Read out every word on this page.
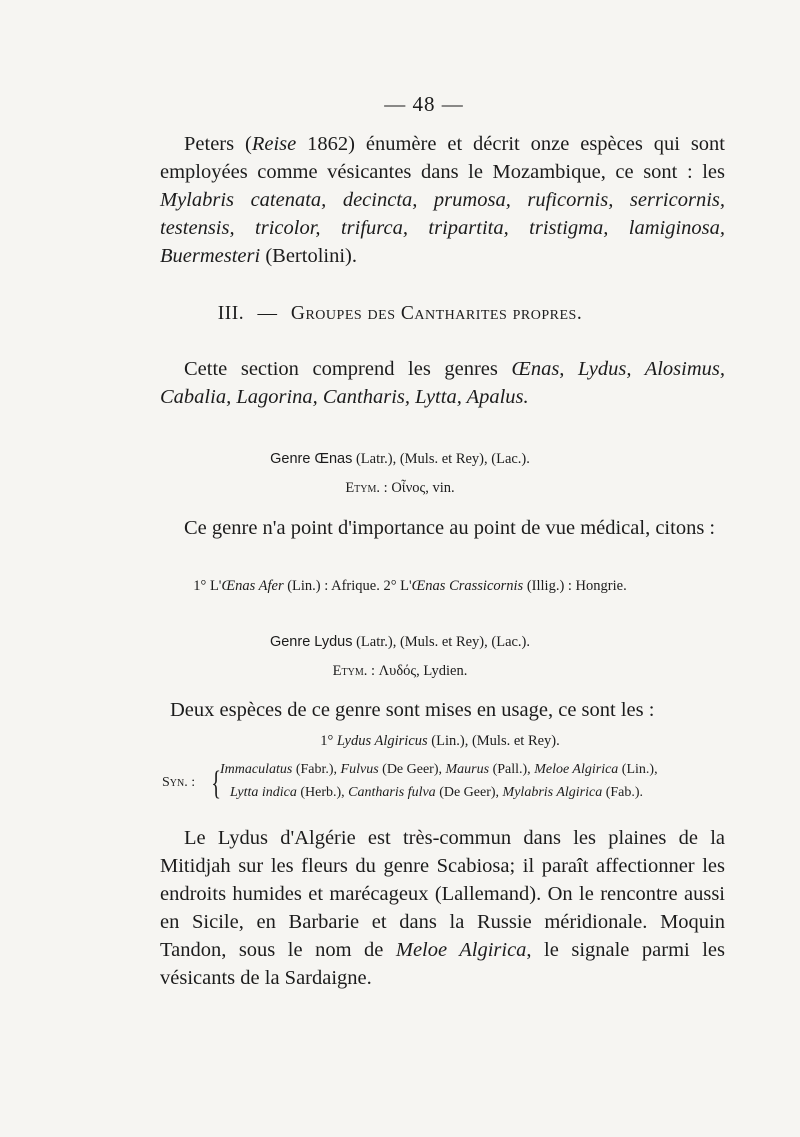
— 48 —
Peters (Reise 1862) énumère et décrit onze espèces qui sont employées comme vésicantes dans le Mozambique, ce sont : les Mylabris catenata, decincta, prumosa, ruficornis, serricornis, testensis, tricolor, trifurca, tripartita, tristigma, lamiginosa, Buermesteri (Bertolini).
III. — Groupes des Cantharites propres.
Cette section comprend les genres Œnas, Lydus, Alosimus, Cabalia, Lagorina, Cantharis, Lytta, Apalus.
Genre Œnas (Latr.), (Muls. et Rey), (Lac.).
Etym. : Οἶνος, vin.
Ce genre n'a point d'importance au point de vue médical, citons :
1° L'Œnas Afer (Lin.) : Afrique. 2° L'Œnas Crassicornis (Illig.) : Hongrie.
Genre Lydus (Latr.), (Muls. et Rey), (Lac.).
Etym. : Λυδός, Lydien.
Deux espèces de ce genre sont mises en usage, ce sont les :
1° Lydus Algiricus (Lin.), (Muls. et Rey).
Syn. : {
Immaculatus (Fabr.), Fulvus (De Geer), Maurus (Pall.), Meloe Algirica (Lin.),
Lytta indica (Herb.), Cantharis fulva (De Geer), Mylabris Algirica (Fab.).
Le Lydus d'Algérie est très-commun dans les plaines de la Mitidjah sur les fleurs du genre Scabiosa; il paraît affectionner les endroits humides et marécageux (Lallemand). On le rencontre aussi en Sicile, en Barbarie et dans la Russie méridionale. Moquin Tandon, sous le nom de Meloe Algirica, le signale parmi les vésicants de la Sardaigne.
